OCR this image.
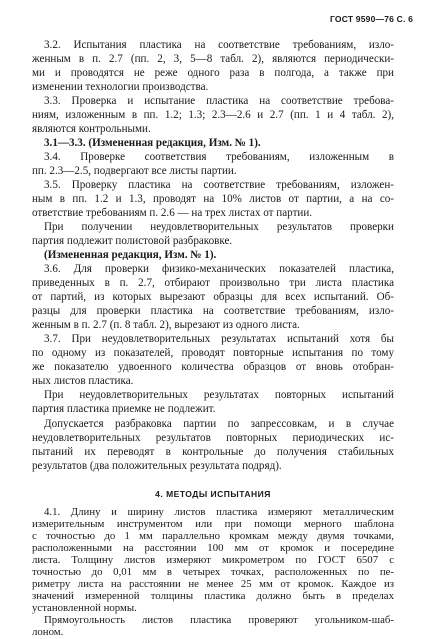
ГОСТ 9590—76 С. 6
3.2. Испытания пластика на соответствие требованиям, изло-
женным в п. 2.7 (пп. 2, 3, 5—8 табл. 2), являются периодически-
ми и проводятся не реже одного раза в полгода, а также при
изменении технологии производства.
3.3. Проверка и испытание пластика на соответствие требова-
ниям, изложенным в пп. 1.2; 1.3; 2.3—2.6 и 2.7 (пп. 1 и 4 табл. 2),
являются контрольными.
3.1—3.3. (Измененная редакция, Изм. № 1).
3.4. Проверке соответствия требованиям, изложенным в
пп. 2.3—2.5, подвергают все листы партии.
3.5. Проверку пластика на соответствие требованиям, изложен-
ным в пп. 1.2 и 1.3, проводят на 10% листов от партии, а на со-
ответствие требованиям п. 2.6 — на трех листах от партии.
При получении неудовлетворительных результатов проверки
партия подлежит полистовой разбраковке.
(Измененная редакция, Изм. № 1).
3.6. Для проверки физико-механических показателей пластика,
приведенных в п. 2.7, отбирают произвольно три листа пластика
от партий, из которых вырезают образцы для всех испытаний. Об-
разцы для проверки пластика на соответствие требованиям, изло-
женным в п. 2.7 (п. 8 табл. 2), вырезают из одного листа.
3.7. При неудовлетворительных результатах испытаний хотя бы
по одному из показателей, проводят повторные испытания по тому
же показателю удвоенного количества образцов от вновь отобран-
ных листов пластика.
При неудовлетворительных результатах повторных испытаний
партия пластика приемке не подлежит.
Допускается разбраковка партии по запрессовкам, и в случае
неудовлетворительных результатов повторных периодических ис-
пытаний их переводят в контрольные до получения стабильных
результатов (два положительных результата подряд).
4. МЕТОДЫ ИСПЫТАНИЯ
4.1. Длину и ширину листов пластика измеряют металлическим
измерительным инструментом или при помощи мерного шаблона
с точностью до 1 мм параллельно кромкам между двумя точками,
расположенными на расстоянии 100 мм от кромок и посередине
листа. Толщину листов измеряют микрометром по ГОСТ 6507 с
точностью до 0,01 мм в четырех точках, расположенных по пе-
риметру листа на расстоянии не менее 25 мм от кромок. Каждое из
значений измеренной толщины пластика должно быть в пределах
установленной нормы.
Прямоугольность листов пластика проверяют угольником-шаб-
лоном.
